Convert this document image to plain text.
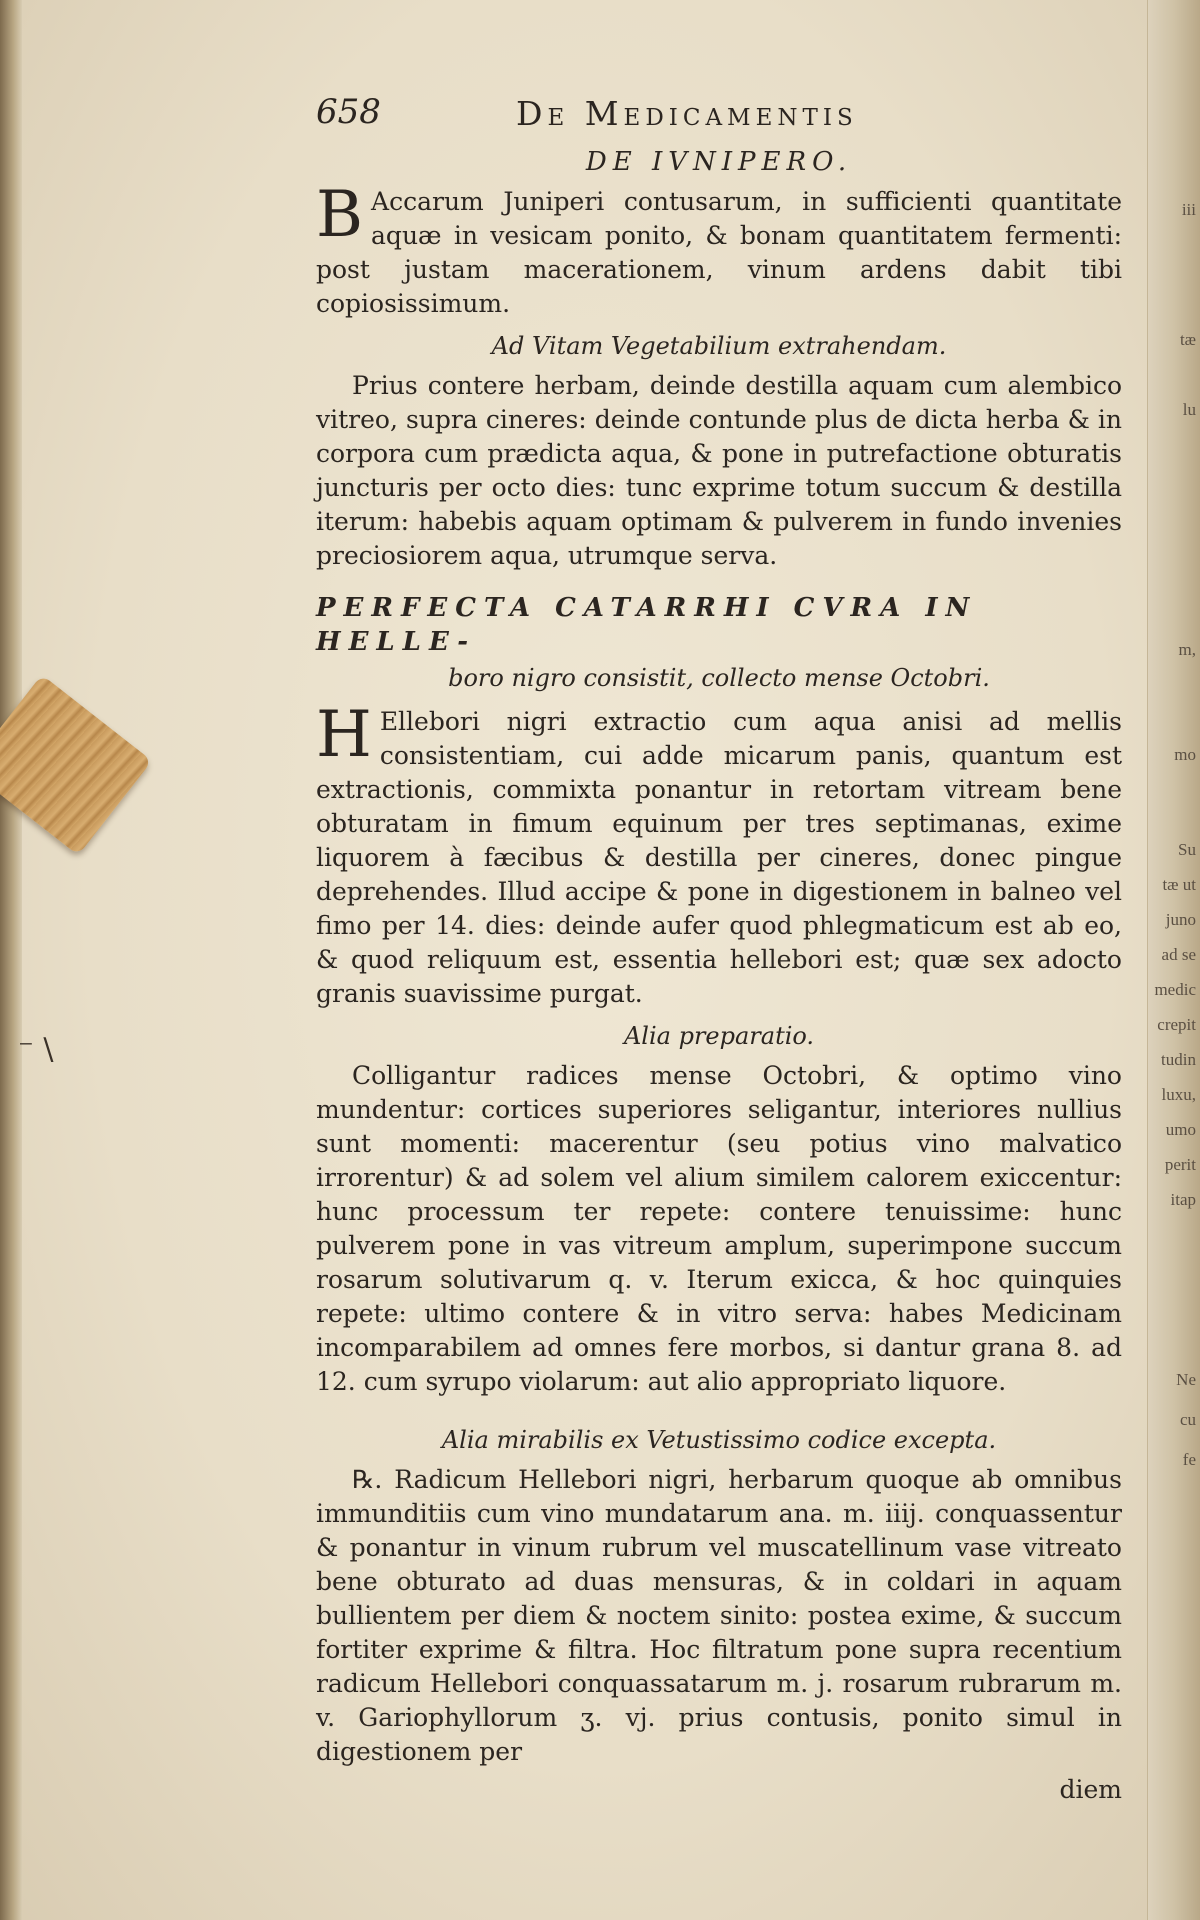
⁻ \
iii
tæ
lu
m,
mo
Su
tæ ut
juno
ad se
medic
crepit
tudin
luxu,
umo
perit
itap
Ne
cu
fe
658	De Medicamentis
DE IVNIPERO.

B Accarum Juniperi contusarum, in sufficienti quantitate aquæ in vesicam ponito, & bonam quantitatem fermenti: post justam macerationem, vinum ardens dabit tibi copiosissimum.

Ad Vitam Vegetabilium extrahendam.

Prius contere herbam, deinde destilla aquam cum alembico vitreo, supra cineres: deinde contunde plus de dicta herba & in corpora cum prædicta aqua, & pone in putrefactione obturatis juncturis per octo dies: tunc exprime totum succum & destilla iterum: habebis aquam optimam & pulverem in fundo invenies preciosiorem aqua, utrumque serva.

PERFECTA CATARRHI CVRA IN HELLE-
boro nigro consistit, collecto mense Octobri.

H Ellebori nigri extractio cum aqua anisi ad mellis consistentiam, cui adde micarum panis, quantum est extractionis, commixta ponantur in retortam vitream bene obturatam in fimum equinum per tres septimanas, exime liquorem à fæcibus & destilla per cineres, donec pingue deprehendes. Illud accipe & pone in digestionem in balneo vel fimo per 14. dies: deinde aufer quod phlegmaticum est ab eo, & quod reliquum est, essentia helleborі est; quæ sex adocto granis suavissime purgat.

Alia preparatio.

Colligantur radices mense Octobri, & optimo vino mundentur: cortices superiores seligantur, interiores nullius sunt momenti: macerentur (seu potius vino malvatico irrorentur) & ad solem vel alium similem calorem exiccentur: hunc processum ter repete: contere tenuissime: hunc pulverem pone in vas vitreum amplum, superimpone succum rosarum solutivarum q. v. Iterum exicca, & hoc quinquies repete: ultimo contere & in vitro serva: habes Medicinam incomparabilem ad omnes fere morbos, si dantur grana 8. ad 12. cum syrupo violarum: aut alio appropriato liquore.

Alia mirabilis ex Vetustissimo codice excepta.

℞. Radicum Hellebori nigri, herbarum quoque ab omnibus immunditiis cum vino mundatarum ana. m. iiij. conquassentur & ponantur in vinum rubrum vel muscatellinum vase vitreato bene obturato ad duas mensuras, & in coldari in aquam bullientem per diem & noctem sinito: postea exime, & succum fortiter exprime & filtra. Hoc filtratum pone supra recentium radicum Hellebori conquassatarum m. j. rosarum rubrarum m. v. Gariophyllorum ʒ. vj. prius contusis, ponito simul in digestionem per

diem
